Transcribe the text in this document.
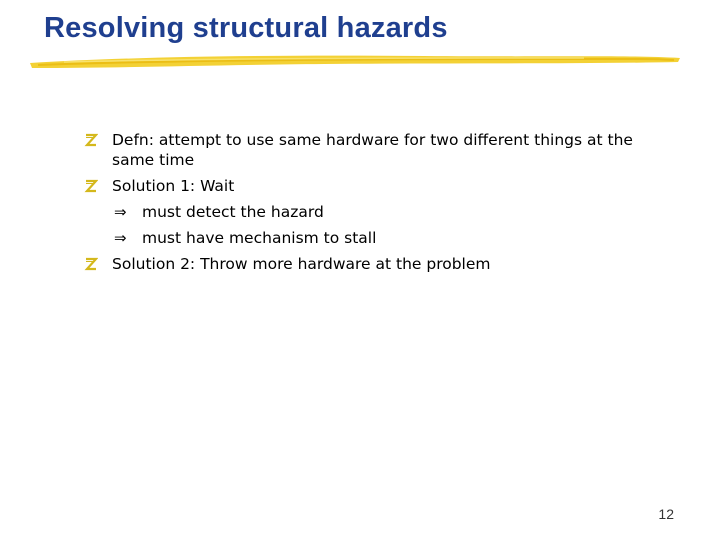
Resolving structural hazards
Defn: attempt to use same hardware for two different things at the same time
Solution 1: Wait
⇒ must detect the hazard
⇒ must have mechanism to stall
Solution 2: Throw more hardware at the problem
12
